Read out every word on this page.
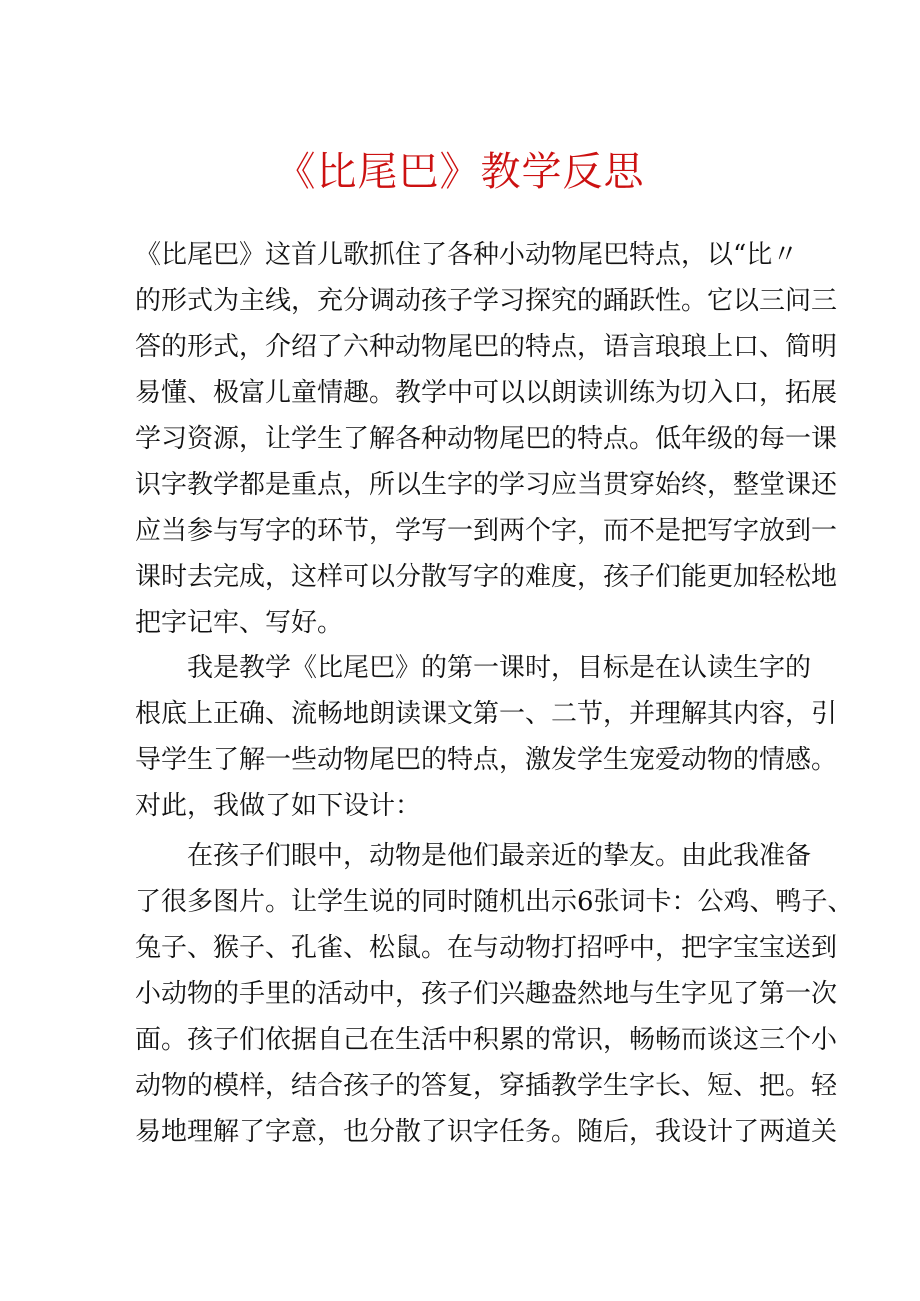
《比尾巴》教学反思
《比尾巴》这首儿歌抓住了各种小动物尾巴特点，以“比〃
的形式为主线，充分调动孩子学习探究的踊跃性。它以三问三
答的形式，介绍了六种动物尾巴的特点，语言琅琅上口、简明
易懂、极富儿童情趣。教学中可以以朗读训练为切入口，拓展
学习资源，让学生了解各种动物尾巴的特点。低年级的每一课
识字教学都是重点，所以生字的学习应当贯穿始终，整堂课还
应当参与写字的环节，学写一到两个字，而不是把写字放到一
课时去完成，这样可以分散写字的难度，孩子们能更加轻松地
把字记牢、写好。
我是教学《比尾巴》的第一课时，目标是在认读生字的
根底上正确、流畅地朗读课文第一、二节，并理解其内容，引
导学生了解一些动物尾巴的特点，激发学生宠爱动物的情感。
对此，我做了如下设计：
在孩子们眼中，动物是他们最亲近的挚友。由此我准备
了很多图片。让学生说的同时随机出示6张词卡：公鸡、鸭子、
兔子、猴子、孔雀、松鼠。在与动物打招呼中，把字宝宝送到
小动物的手里的活动中，孩子们兴趣盎然地与生字见了第一次
面。孩子们依据自己在生活中积累的常识，畅畅而谈这三个小
动物的模样，结合孩子的答复，穿插教学生字长、短、把。轻
易地理解了字意，也分散了识字任务。随后，我设计了两道关
